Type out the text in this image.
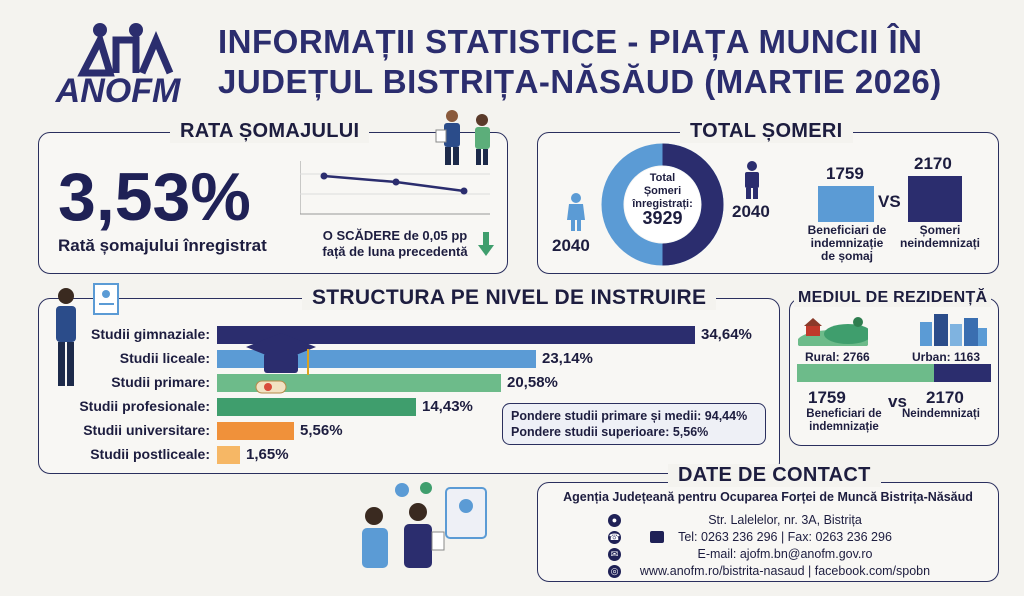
ANOFM
INFORMAȚII STATISTICE - PIAȚA MUNCII ÎN
JUDEȚUL BISTRIȚA-NĂSĂUD (MARTIE 2026)
RATA ȘOMAJULUI
3,53%
Rată șomajului înregistrat
O SCĂDERE de 0,05 pp
față de luna precedentă
TOTAL ȘOMERI
Total
Șomeri
înregistrați:
3929
2040
2040
1759
VS
2170
Beneficiari de
indemnizație
de șomaj
Șomeri
neindemnizați
STRUCTURA PE NIVEL DE INSTRUIRE
Studii gimnaziale:	34,64%
Studii liceale:	23,14%
Studii primare:	20,58%
Studii profesionale:	14,43%
Studii universitare:	5,56%
Studii postliceale: 1,65%
Pondere studii primare și medii: 94,44%
Pondere studii superioare: 5,56%
MEDIUL DE REZIDENȚĂ
Rural: 2766	Urban: 1163
1759 vs 2170
Beneficiari de
indemnizație
Neindemnizați
DATE DE CONTACT
Agenția Județeană pentru Ocuparea Forței de Muncă Bistrița-Năsăud
●	Str. Lalelelor, nr. 3A, Bistrița
☎	Tel: 0263 236 296 | Fax: 0263 236 296
✉	E-mail: ajofm.bn@anofm.gov.ro
◎	www.anofm.ro/bistrita-nasaud | facebook.com/spobn
